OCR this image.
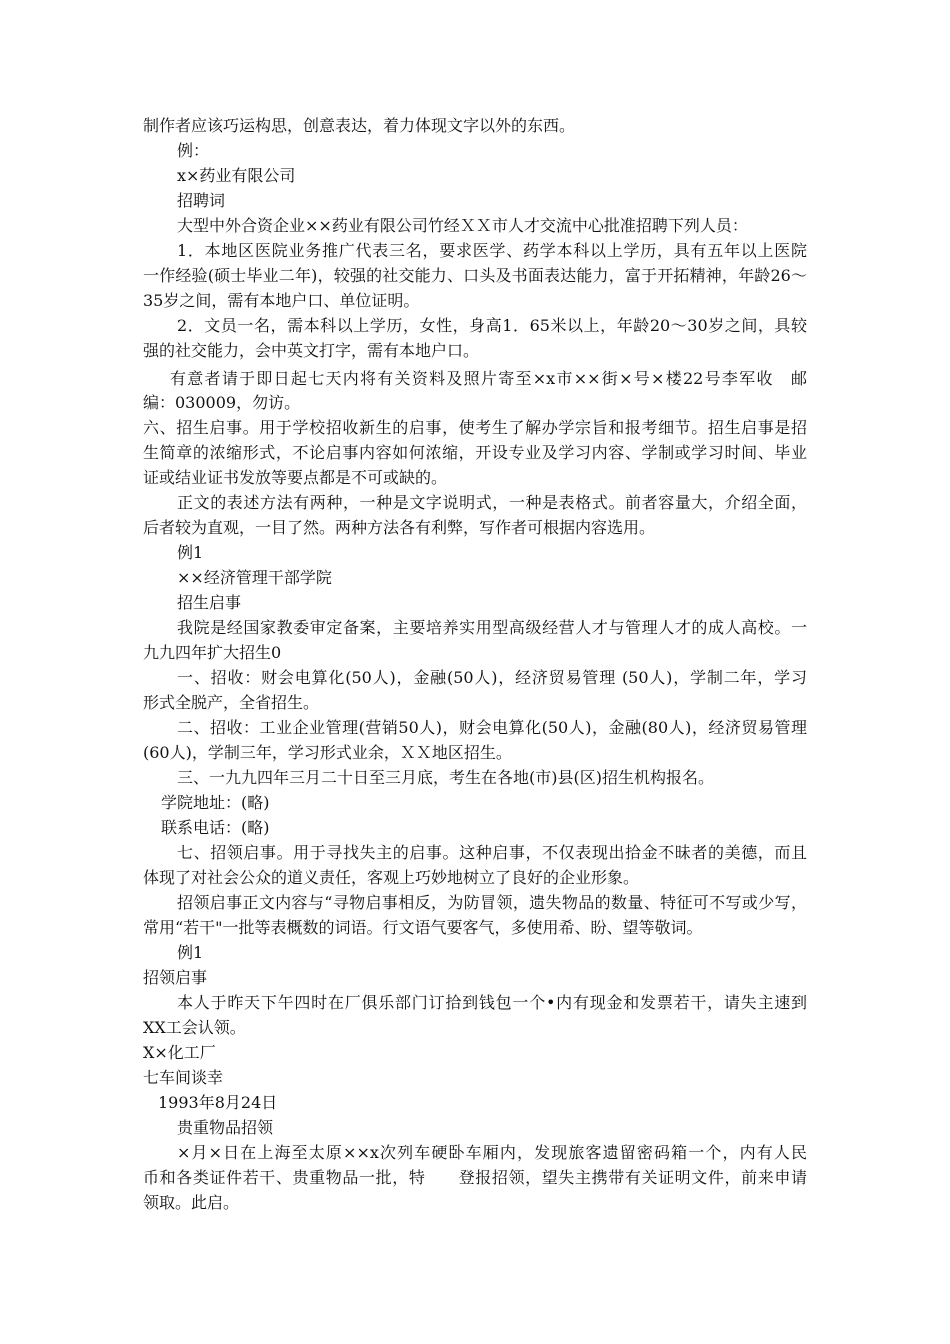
制作者应该巧运构思，创意表达，着力体现文字以外的东西。
例：
x×药业有限公司
招聘词
大型中外合资企业××药业有限公司竹经ＸＸ市人才交流中心批准招聘下列人员：
1．本地区医院业务推广代表三名，要求医学、药学本科以上学历，具有五年以上医院
一作经验(硕士毕业二年)，较强的社交能力、口头及书面表达能力，富于开拓精神，年龄26～
35岁之间，需有本地户口、单位证明。
2．文员一名，需本科以上学历，女性，身高1．65米以上，年龄20～30岁之间，具较
强的社交能力，会中英文打字，需有本地户口。
有意者请于即日起七天内将有关资料及照片寄至×x市××街×号×楼22号李军收　邮
编：030009，勿访。
六、招生启事。用于学校招收新生的启事，使考生了解办学宗旨和报考细节。招生启事是招
生简章的浓缩形式，不论启事内容如何浓缩，开设专业及学习内容、学制或学习时间、毕业
证或结业证书发放等要点都是不可或缺的。
正文的表述方法有两种，一种是文字说明式，一种是表格式。前者容量大，介绍全面，
后者较为直观，一目了然。两种方法各有利弊，写作者可根据内容选用。
例1
××经济管理干部学院
招生启事
我院是经国家教委审定备案，主要培养实用型高级经营人才与管理人才的成人高校。一
九九四年扩大招生0
一、招收：财会电算化(50人)，金融(50人)，经济贸易管理 (50人)，学制二年，学习
形式全脱产，全省招生。
二、招收：工业企业管理(营销50人)，财会电算化(50人)，金融(80人)，经济贸易管理
(60人)，学制三年，学习形式业余，ＸＸ地区招生。
三、一九九四年三月二十日至三月底，考生在各地(市)县(区)招生机构报名。
学院地址：(略)
联系电话：(略)
七、招领启事。用于寻找失主的启事。这种启事，不仅表现出拾金不昧者的美德，而且
体现了对社会公众的道义责任，客观上巧妙地树立了良好的企业形象。
招领启事正文内容与“寻物启事相反，为防冒领，遗失物品的数量、特征可不写或少写，
常用“若干"一批等表概数的词语。行文语气要客气，多使用希、盼、望等敬词。
例1
招领启事
本人于昨天下午四时在厂俱乐部门订拾到钱包一个•内有现金和发票若干，请失主速到
XX工会认领。
X×化工厂
七车间谈幸
1993年8月24日
贵重物品招领
×月×日在上海至太原××x次列车硬卧车厢内，发现旅客遗留密码箱一个，内有人民
币和各类证件若干、贵重物品一批，特　　登报招领，望失主携带有关证明文件，前来申请
领取。此启。
